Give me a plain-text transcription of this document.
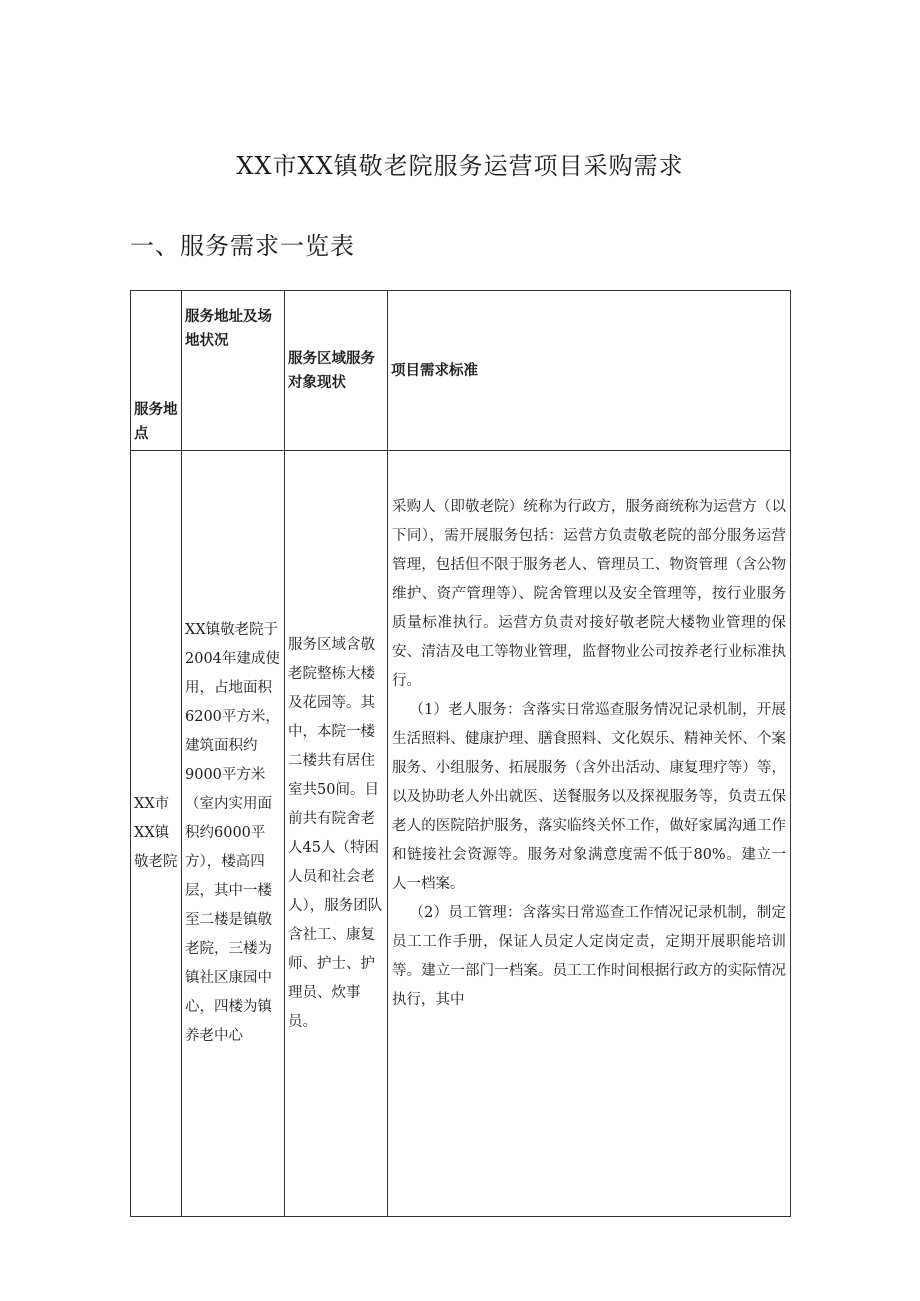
XX市XX镇敬老院服务运营项目采购需求
一、服务需求一览表
服务地点	服务地址及场地状况	服务区域服务对象现状	项目需求标准
XX市XX镇敬老院	XX镇敬老院于2004年建成使用，占地面积6200平方米，建筑面积约9000平方米（室内实用面积约6000平方），楼高四层，其中一楼至二楼是镇敬老院，三楼为镇社区康园中心，四楼为镇养老中心	服务区域含敬老院整栋大楼及花园等。其中，本院一楼二楼共有居住室共50间。目前共有院舍老人45人（特困人员和社会老人），服务团队含社工、康复师、护士、护理员、炊事员。	采购人（即敬老院）统称为行政方，服务商统称为运营方（以下同），需开展服务包括：运营方负责敬老院的部分服务运营管理，包括但不限于服务老人、管理员工、物资管理（含公物维护、资产管理等）、院舍管理以及安全管理等，按行业服务质量标准执行。运营方负责对接好敬老院大楼物业管理的保安、清洁及电工等物业管理，监督物业公司按养老行业标准执行。

（1）老人服务：含落实日常巡查服务情况记录机制，开展生活照料、健康护理、膳食照料、文化娱乐、精神关怀、个案服务、小组服务、拓展服务（含外出活动、康复理疗等）等，以及协助老人外出就医、送餐服务以及探视服务等，负责五保老人的医院陪护服务，落实临终关怀工作，做好家属沟通工作和链接社会资源等。服务对象满意度需不低于80%。建立一人一档案。

（2）员工管理：含落实日常巡查工作情况记录机制，制定员工工作手册，保证人员定人定岗定责，定期开展职能培训等。建立一部门一档案。员工工作时间根据行政方的实际情况执行，其中
